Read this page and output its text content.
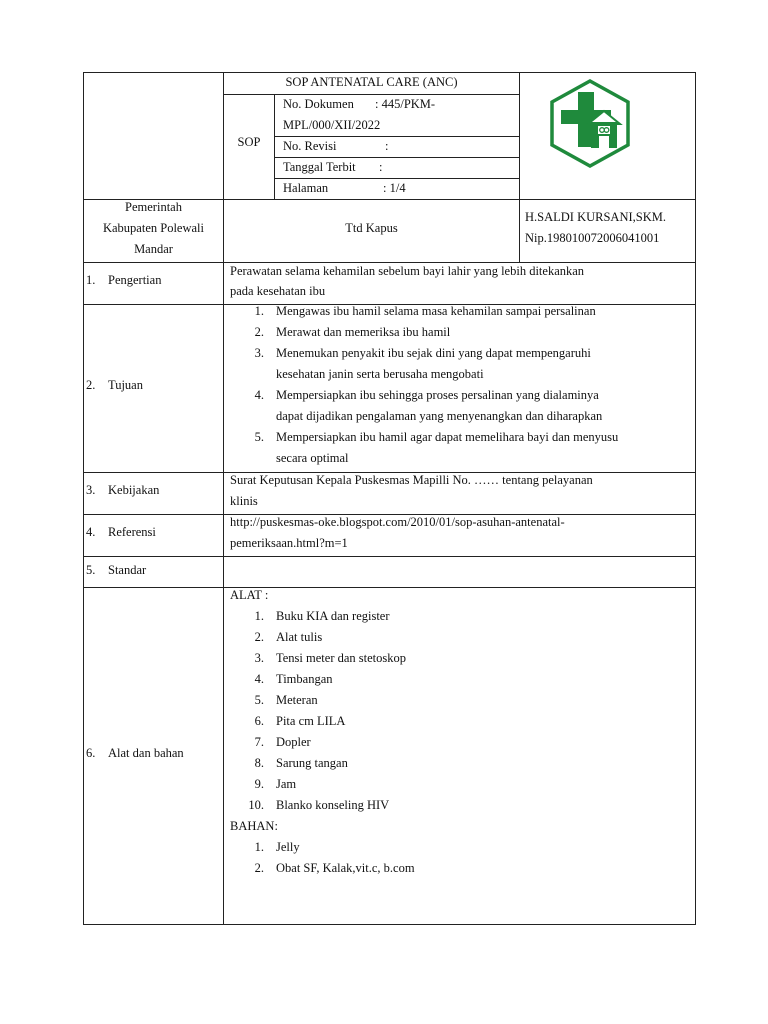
SOP ANTENATAL CARE (ANC)
SOP
No. Dokumen : 445/PKM-
MPL/000/XII/2022
No. Revisi	:
Tanggal Terbit :
Halaman	: 1/4
Pemerintah
Kabupaten Polewali
Mandar
Ttd Kapus
H.SALDI KURSANI,SKM.
Nip.198010072006041001
1. Pengertian
Perawatan selama kehamilan sebelum bayi lahir yang lebih ditekankan
pada kesehatan ibu
2. Tujuan
1. Mengawas ibu hamil selama masa kehamilan sampai persalinan
2. Merawat dan memeriksa ibu hamil
3. Menemukan penyakit ibu sejak dini yang dapat mempengaruhi
kesehatan janin serta berusaha mengobati
4. Mempersiapkan ibu sehingga proses persalinan yang dialaminya
dapat dijadikan pengalaman yang menyenangkan dan diharapkan
5. Mempersiapkan ibu hamil agar dapat memelihara bayi dan menyusu
secara optimal
3. Kebijakan
Surat Keputusan Kepala Puskesmas Mapilli No. …… tentang pelayanan
klinis
4. Referensi
http://puskesmas-oke.blogspot.com/2010/01/sop-asuhan-antenatal-
pemeriksaan.html?m=1
5. Standar
6. Alat dan bahan
ALAT :
1. Buku KIA dan register
2. Alat tulis
3. Tensi meter dan stetoskop
4. Timbangan
5. Meteran
6. Pita cm LILA
7. Dopler
8. Sarung tangan
9. Jam
10. Blanko konseling HIV
BAHAN:
1. Jelly
2. Obat SF, Kalak,vit.c, b.com
